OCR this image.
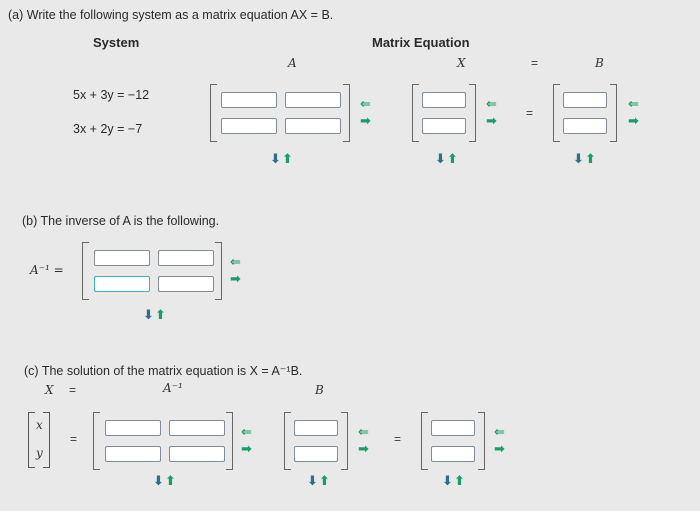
(a) Write the following system as a matrix equation AX = B.
System	Matrix Equation
A	X	=	B
5x + 3y = −12
3x + 2y = −7
⇐
➡
⬇ ⬆
⇐
➡
⬇ ⬆
=
⇐
➡
⬇ ⬆
(b) The inverse of A is the following.
A⁻¹ =
⇐
➡
⬇ ⬆
(c) The solution of the matrix equation is X = A⁻¹B.
X =	A⁻¹	B
x
y
=	⇐
➡
⬇ ⬆
⇐
➡
⬇ ⬆
=	⇐
➡
⬇ ⬆
